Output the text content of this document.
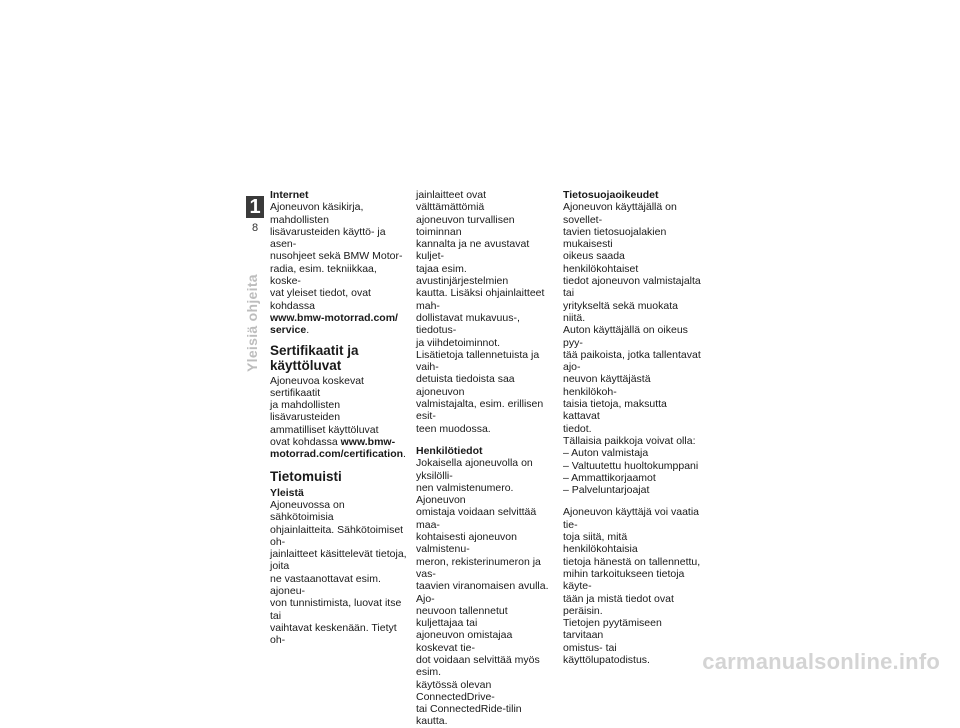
1
8
Yleisiä ohjeita

Internet

Ajoneuvon käsikirja, mahdollisten
lisävarusteiden käyttö- ja asen-
nusohjeet sekä BMW Motor-
radia, esim. tekniikkaa, koske-
vat yleiset tiedot, ovat kohdassa
www.bmw-motorrad.com/
service.

Sertifikaatit ja
käyttöluvat

Ajoneuvoa koskevat sertifikaatit
ja mahdollisten lisävarusteiden
ammatilliset käyttöluvat
ovat kohdassa www.bmw-
motorrad.com/certification.

Tietomuisti

Yleistä

Ajoneuvossa on sähkötoimisia
ohjainlaitteita. Sähkötoimiset oh-
jainlaitteet käsittelevät tietoja, joita
ne vastaanottavat esim. ajoneu-
von tunnistimista, luovat itse tai
vaihtavat keskenään. Tietyt oh-

jainlaitteet ovat välttämättömiä
ajoneuvon turvallisen toiminnan
kannalta ja ne avustavat kuljet-
tajaa esim. avustinjärjestelmien
kautta. Lisäksi ohjainlaitteet mah-
dollistavat mukavuus-, tiedotus-
ja viihdetoiminnot.
Lisätietoja tallennetuista ja vaih-
detuista tiedoista saa ajoneuvon
valmistajalta, esim. erillisen esit-
teen muodossa.

Henkilötiedot

Jokaisella ajoneuvolla on yksilölli-
nen valmistenumero. Ajoneuvon
omistaja voidaan selvittää maa-
kohtaisesti ajoneuvon valmistenu-
meron, rekisterinumeron ja vas-
taavien viranomaisen avulla. Ajo-
neuvoon tallennetut kuljettajaa tai
ajoneuvon omistajaa koskevat tie-
dot voidaan selvittää myös esim.
käytössä olevan ConnectedDrive-
tai ConnectedRide-tilin kautta.

Tietosuojaoikeudet

Ajoneuvon käyttäjällä on sovellet-
tavien tietosuojalakien mukaisesti
oikeus saada henkilökohtaiset
tiedot ajoneuvon valmistajalta tai
yritykseltä sekä muokata niitä.
Auton käyttäjällä on oikeus pyy-
tää paikoista, jotka tallentavat ajo-
neuvon käyttäjästä henkilökoh-
taisia tietoja, maksutta kattavat
tiedot.
Tällaisia paikkoja voivat olla:

– Auton valmistaja
– Valtuutettu huoltokumppani
– Ammattikorjaamot
– Palveluntarjoajat

Ajoneuvon käyttäjä voi vaatia tie-
toja siitä, mitä henkilökohtaisia
tietoja hänestä on tallennettu,
mihin tarkoitukseen tietoja käyte-
tään ja mistä tiedot ovat peräisin.
Tietojen pyytämiseen tarvitaan
omistus- tai käyttölupatodistus.	carmanualsonline.info
